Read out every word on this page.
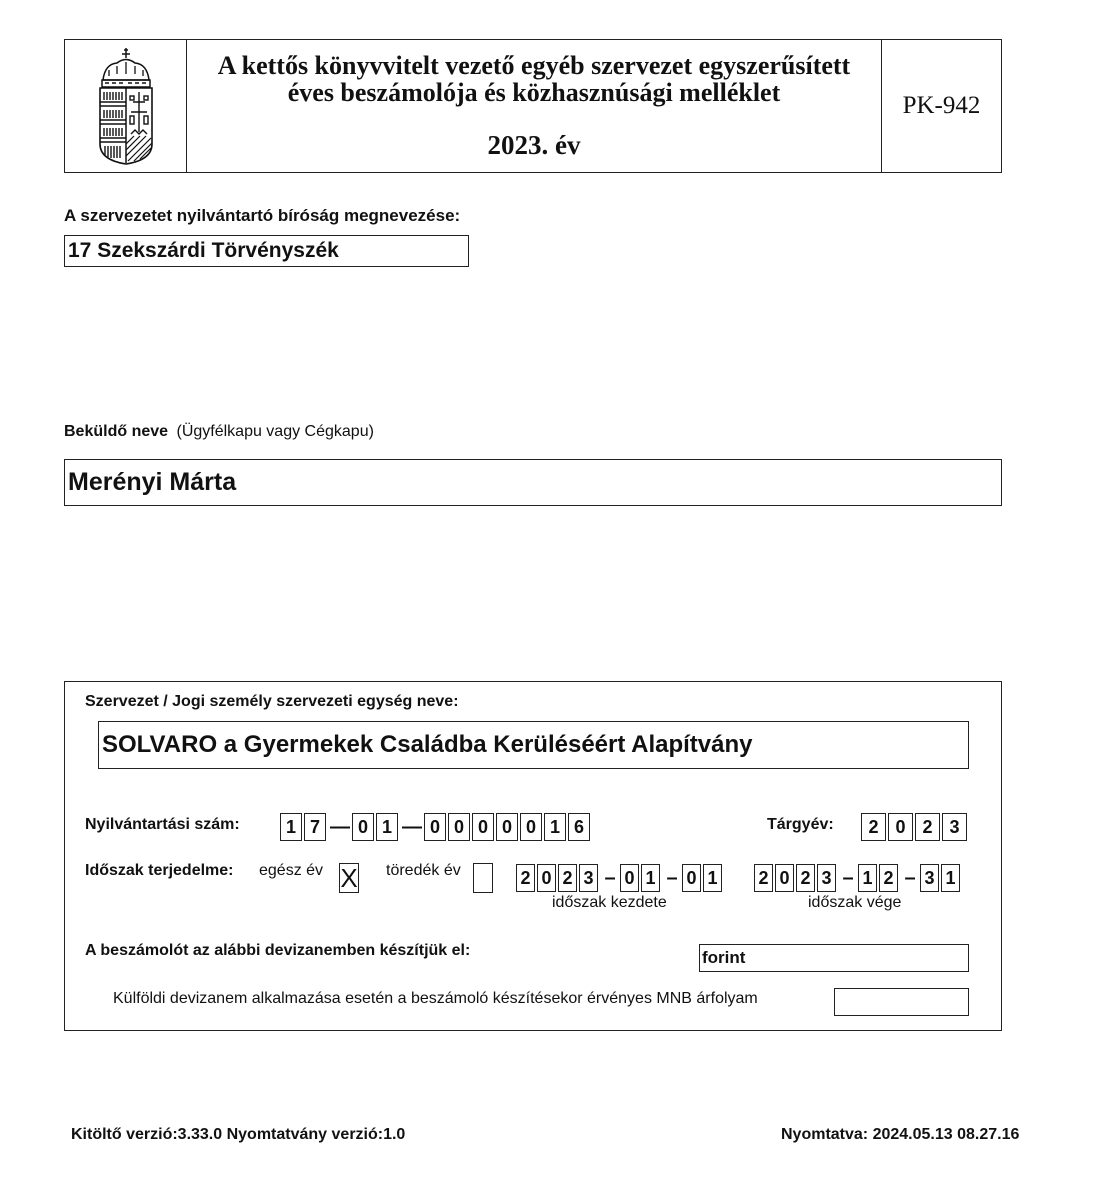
A kettős könyvvitelt vezető egyéb szervezet egyszerűsített
éves beszámolója és közhasznúsági melléklet
2023. év
PK-942
A szervezetet nyilvántartó bíróság megnevezése:
17 Szekszárdi Törvényszék
Beküldő neve (Ügyfélkapu vagy Cégkapu)
Merényi Márta
Szervezet / Jogi személy szervezeti egység neve:
SOLVARO a Gyermekek Családba Kerüléséért Alapítvány
Nyilvántartási szám:	1 7 — 0 1 — 0 0 0 0 0 1 6	Tárgyév:	2 0 2 3
Időszak terjedelme: egész év X töredék év	2 0 2 3 – 0 1 – 0 1
időszak kezdete
2 0 2 3 – 1 2 – 3 1
időszak vége
A beszámolót az alábbi devizanemben készítjük el:	forint
Külföldi devizanem alkalmazása esetén a beszámoló készítésekor érvényes MNB árfolyam
Kitöltő verzió:3.33.0 Nyomtatvány verzió:1.0	Nyomtatva: 2024.05.13 08.27.16
